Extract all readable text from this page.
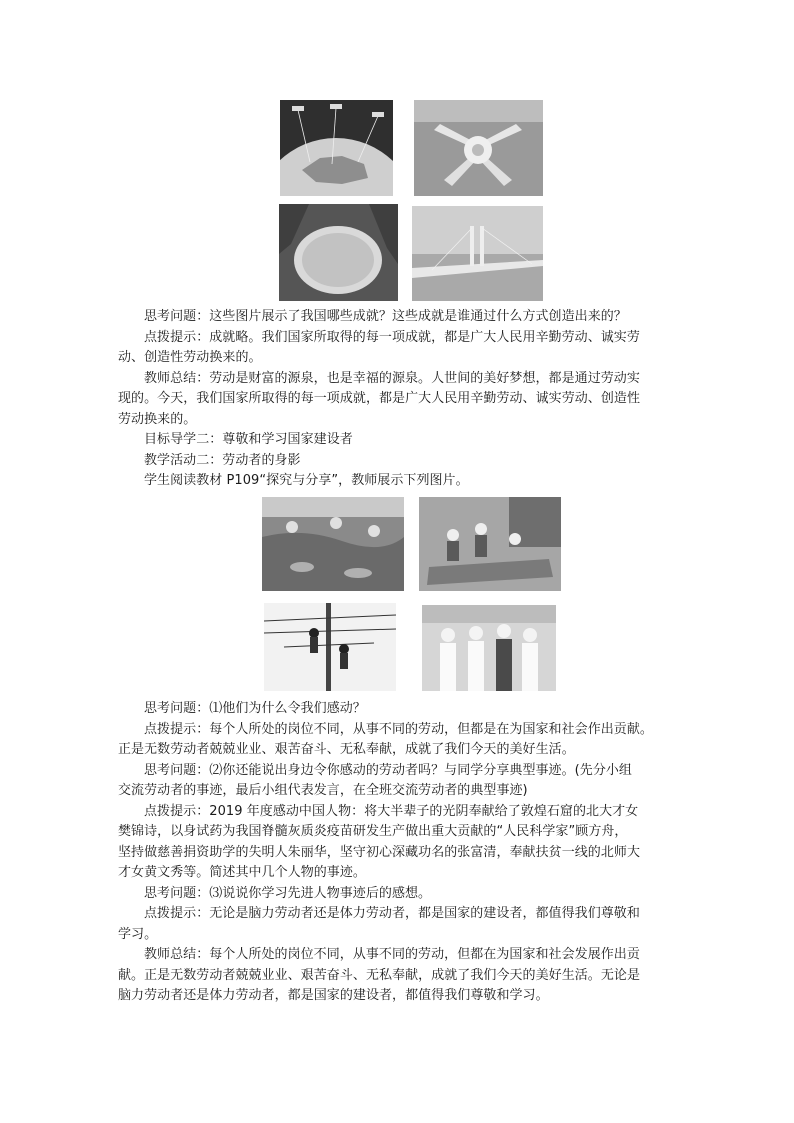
思考问题：这些图片展示了我国哪些成就？这些成就是谁通过什么方式创造出来的？
点拨提示：成就略。我们国家所取得的每一项成就，都是广大人民用辛勤劳动、诚实劳
动、创造性劳动换来的。
教师总结：劳动是财富的源泉，也是幸福的源泉。人世间的美好梦想，都是通过劳动实
现的。今天，我们国家所取得的每一项成就，都是广大人民用辛勤劳动、诚实劳动、创造性
劳动换来的。
目标导学二：尊敬和学习国家建设者
教学活动二：劳动者的身影
学生阅读教材 P109“探究与分享”，教师展示下列图片。
思考问题：⑴他们为什么令我们感动？
点拨提示：每个人所处的岗位不同，从事不同的劳动，但都是在为国家和社会作出贡献。
正是无数劳动者兢兢业业、艰苦奋斗、无私奉献，成就了我们今天的美好生活。
思考问题：⑵你还能说出身边令你感动的劳动者吗？与同学分享典型事迹。(先分小组
交流劳动者的事迹，最后小组代表发言，在全班交流劳动者的典型事迹)
点拨提示：2019 年度感动中国人物：将大半辈子的光阴奉献给了敦煌石窟的北大才女
樊锦诗，以身试药为我国脊髓灰质炎疫苗研发生产做出重大贡献的“人民科学家”顾方舟，
坚持做慈善捐资助学的失明人朱丽华，坚守初心深藏功名的张富清，奉献扶贫一线的北师大
才女黄文秀等。简述其中几个人物的事迹。
思考问题：⑶说说你学习先进人物事迹后的感想。
点拨提示：无论是脑力劳动者还是体力劳动者，都是国家的建设者，都值得我们尊敬和
学习。
教师总结：每个人所处的岗位不同，从事不同的劳动，但都在为国家和社会发展作出贡
献。正是无数劳动者兢兢业业、艰苦奋斗、无私奉献，成就了我们今天的美好生活。无论是
脑力劳动者还是体力劳动者，都是国家的建设者，都值得我们尊敬和学习。
